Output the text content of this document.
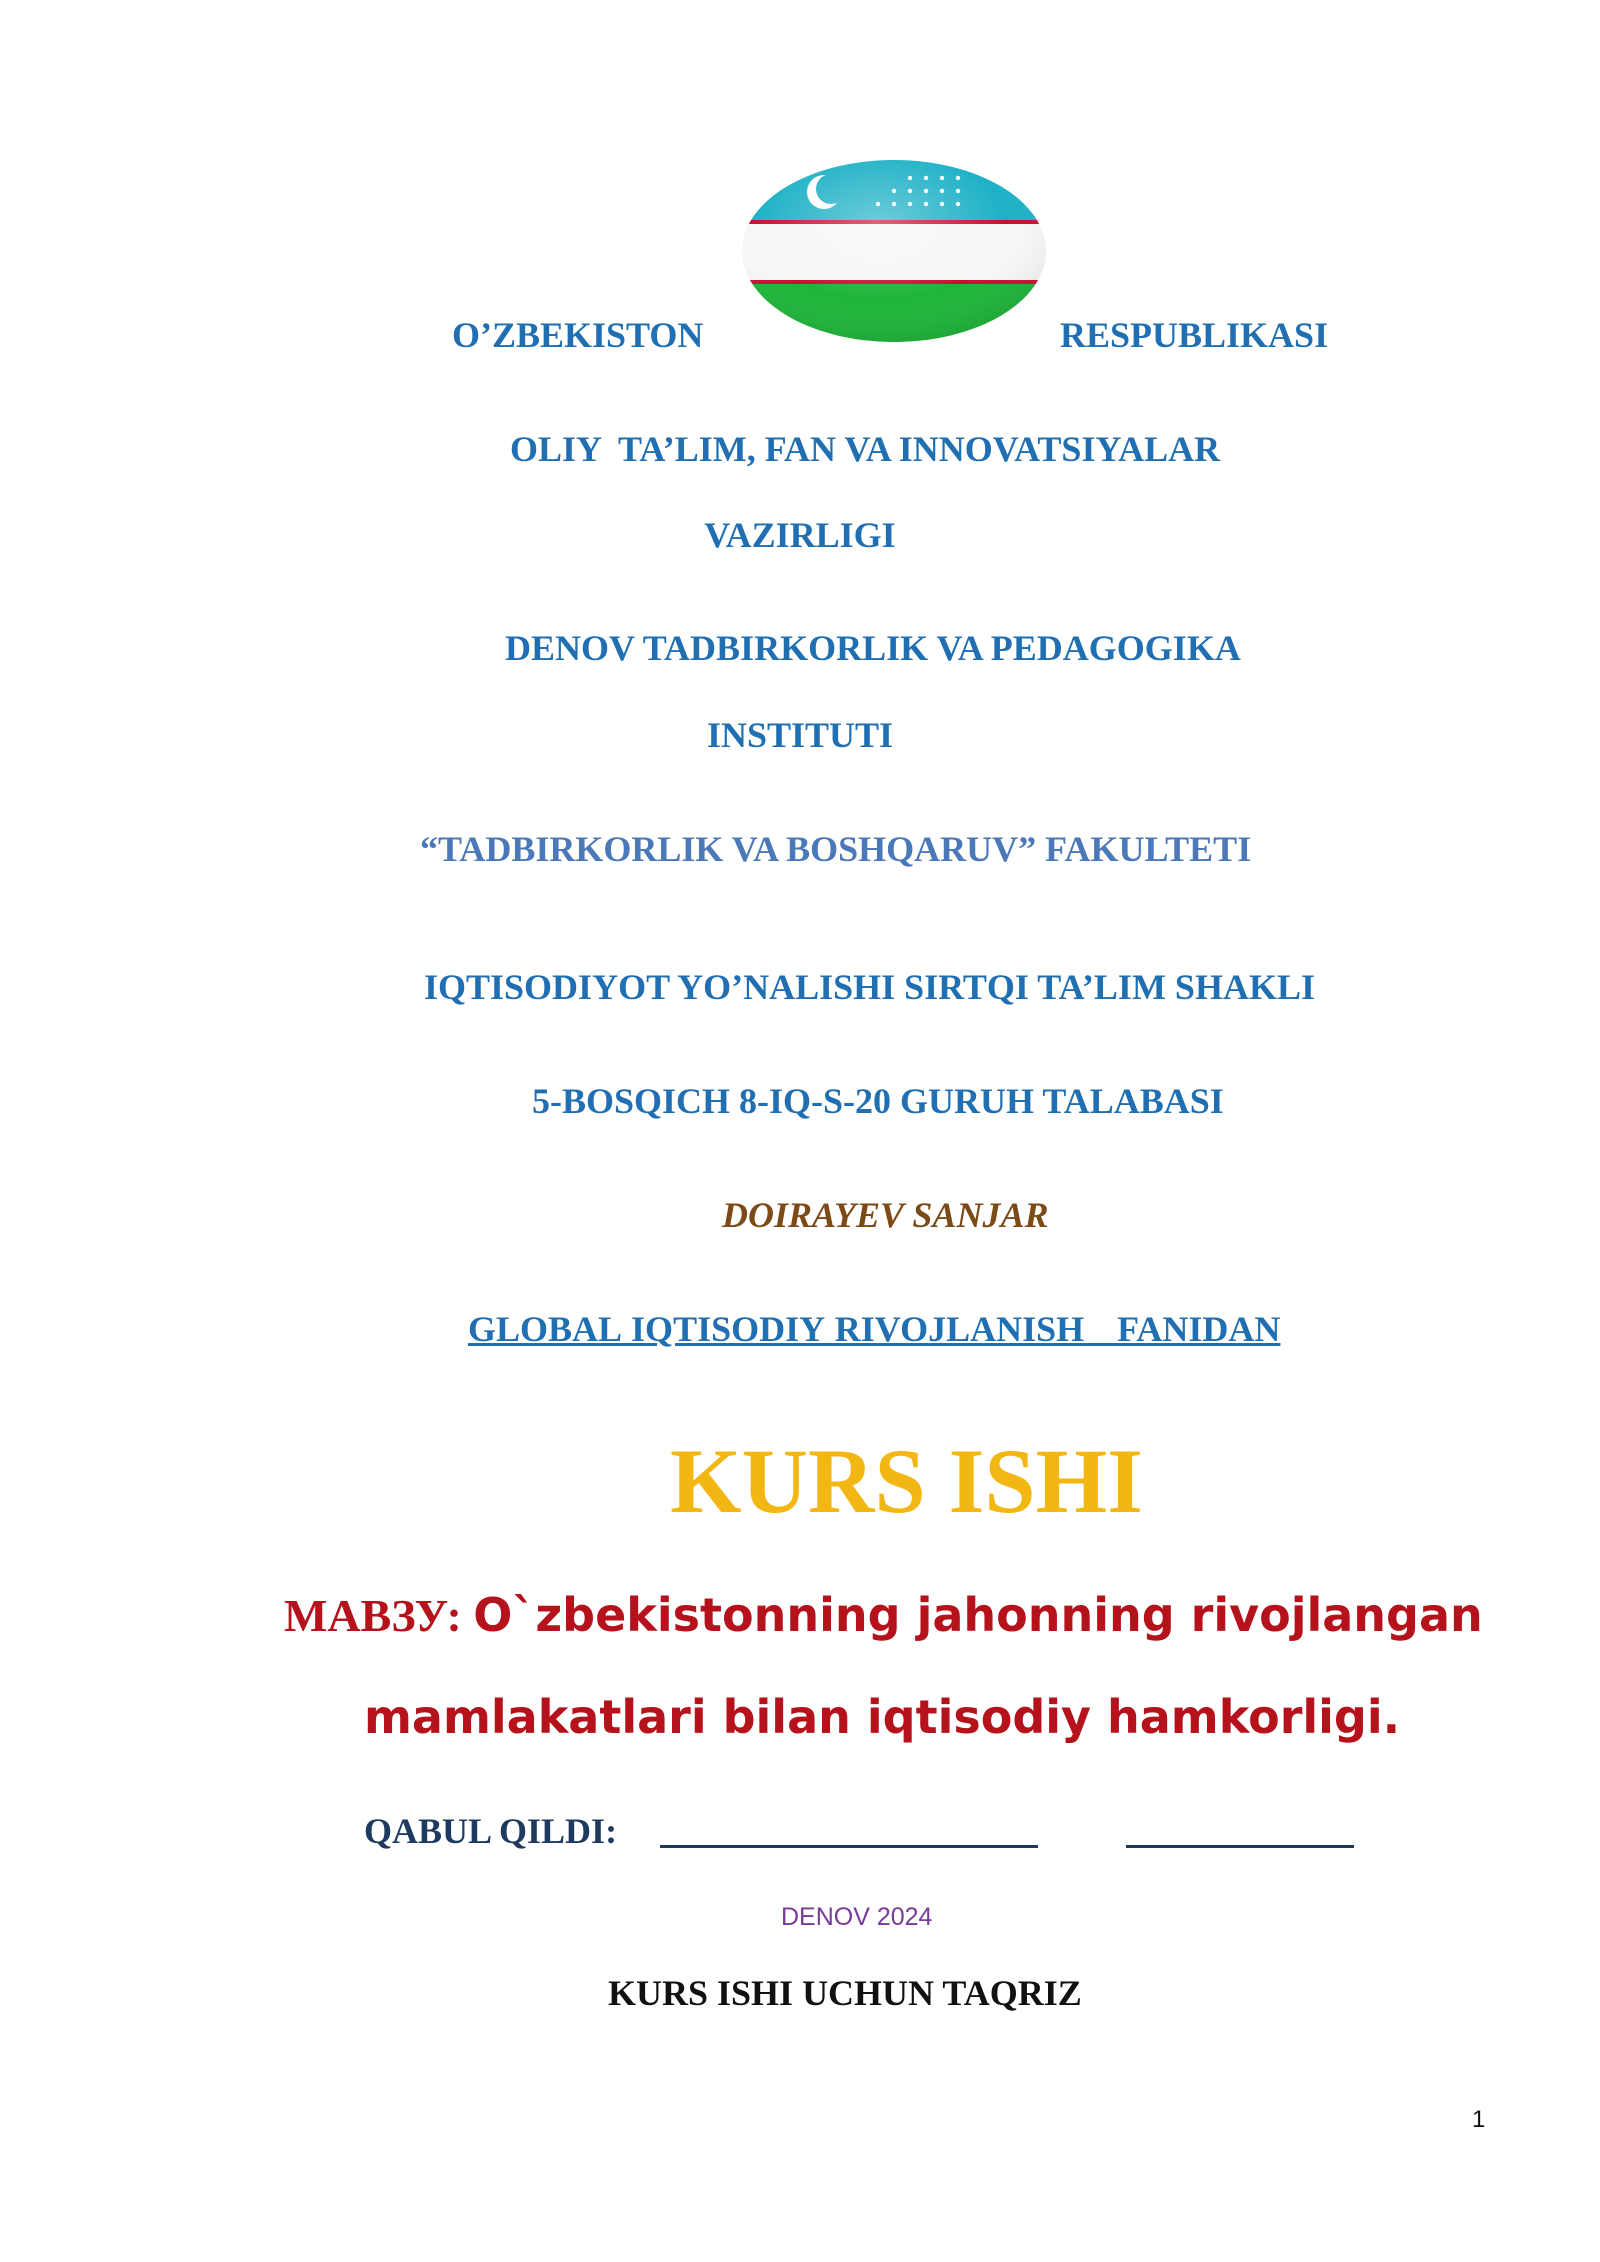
O’ZBEKISTON	RESPUBLIKASI
OLIY  TA’LIM, FAN VA INNOVATSIYALAR
VAZIRLIGI
DENOV TADBIRKORLIK VA PEDAGOGIKA
INSTITUTI
“TADBIRKORLIK VA BOSHQARUV” FAKULTETI
IQTISODIYOT YO’NALISHI SIRTQI TA’LIM SHAKLI
5-BOSQICH 8-IQ-S-20 GURUH TALABASI
DOIRAYEV SANJAR
GLOBAL IQTISODIY RIVOJLANISH   FANIDAN
KURS ISHI
МАВЗУ: O`zbekistonning jahonning rivojlangan
mamlakatlari bilan iqtisodiy hamkorligi.
QABUL QILDI:
DENOV 2024
KURS ISHI UCHUN TAQRIZ
1
